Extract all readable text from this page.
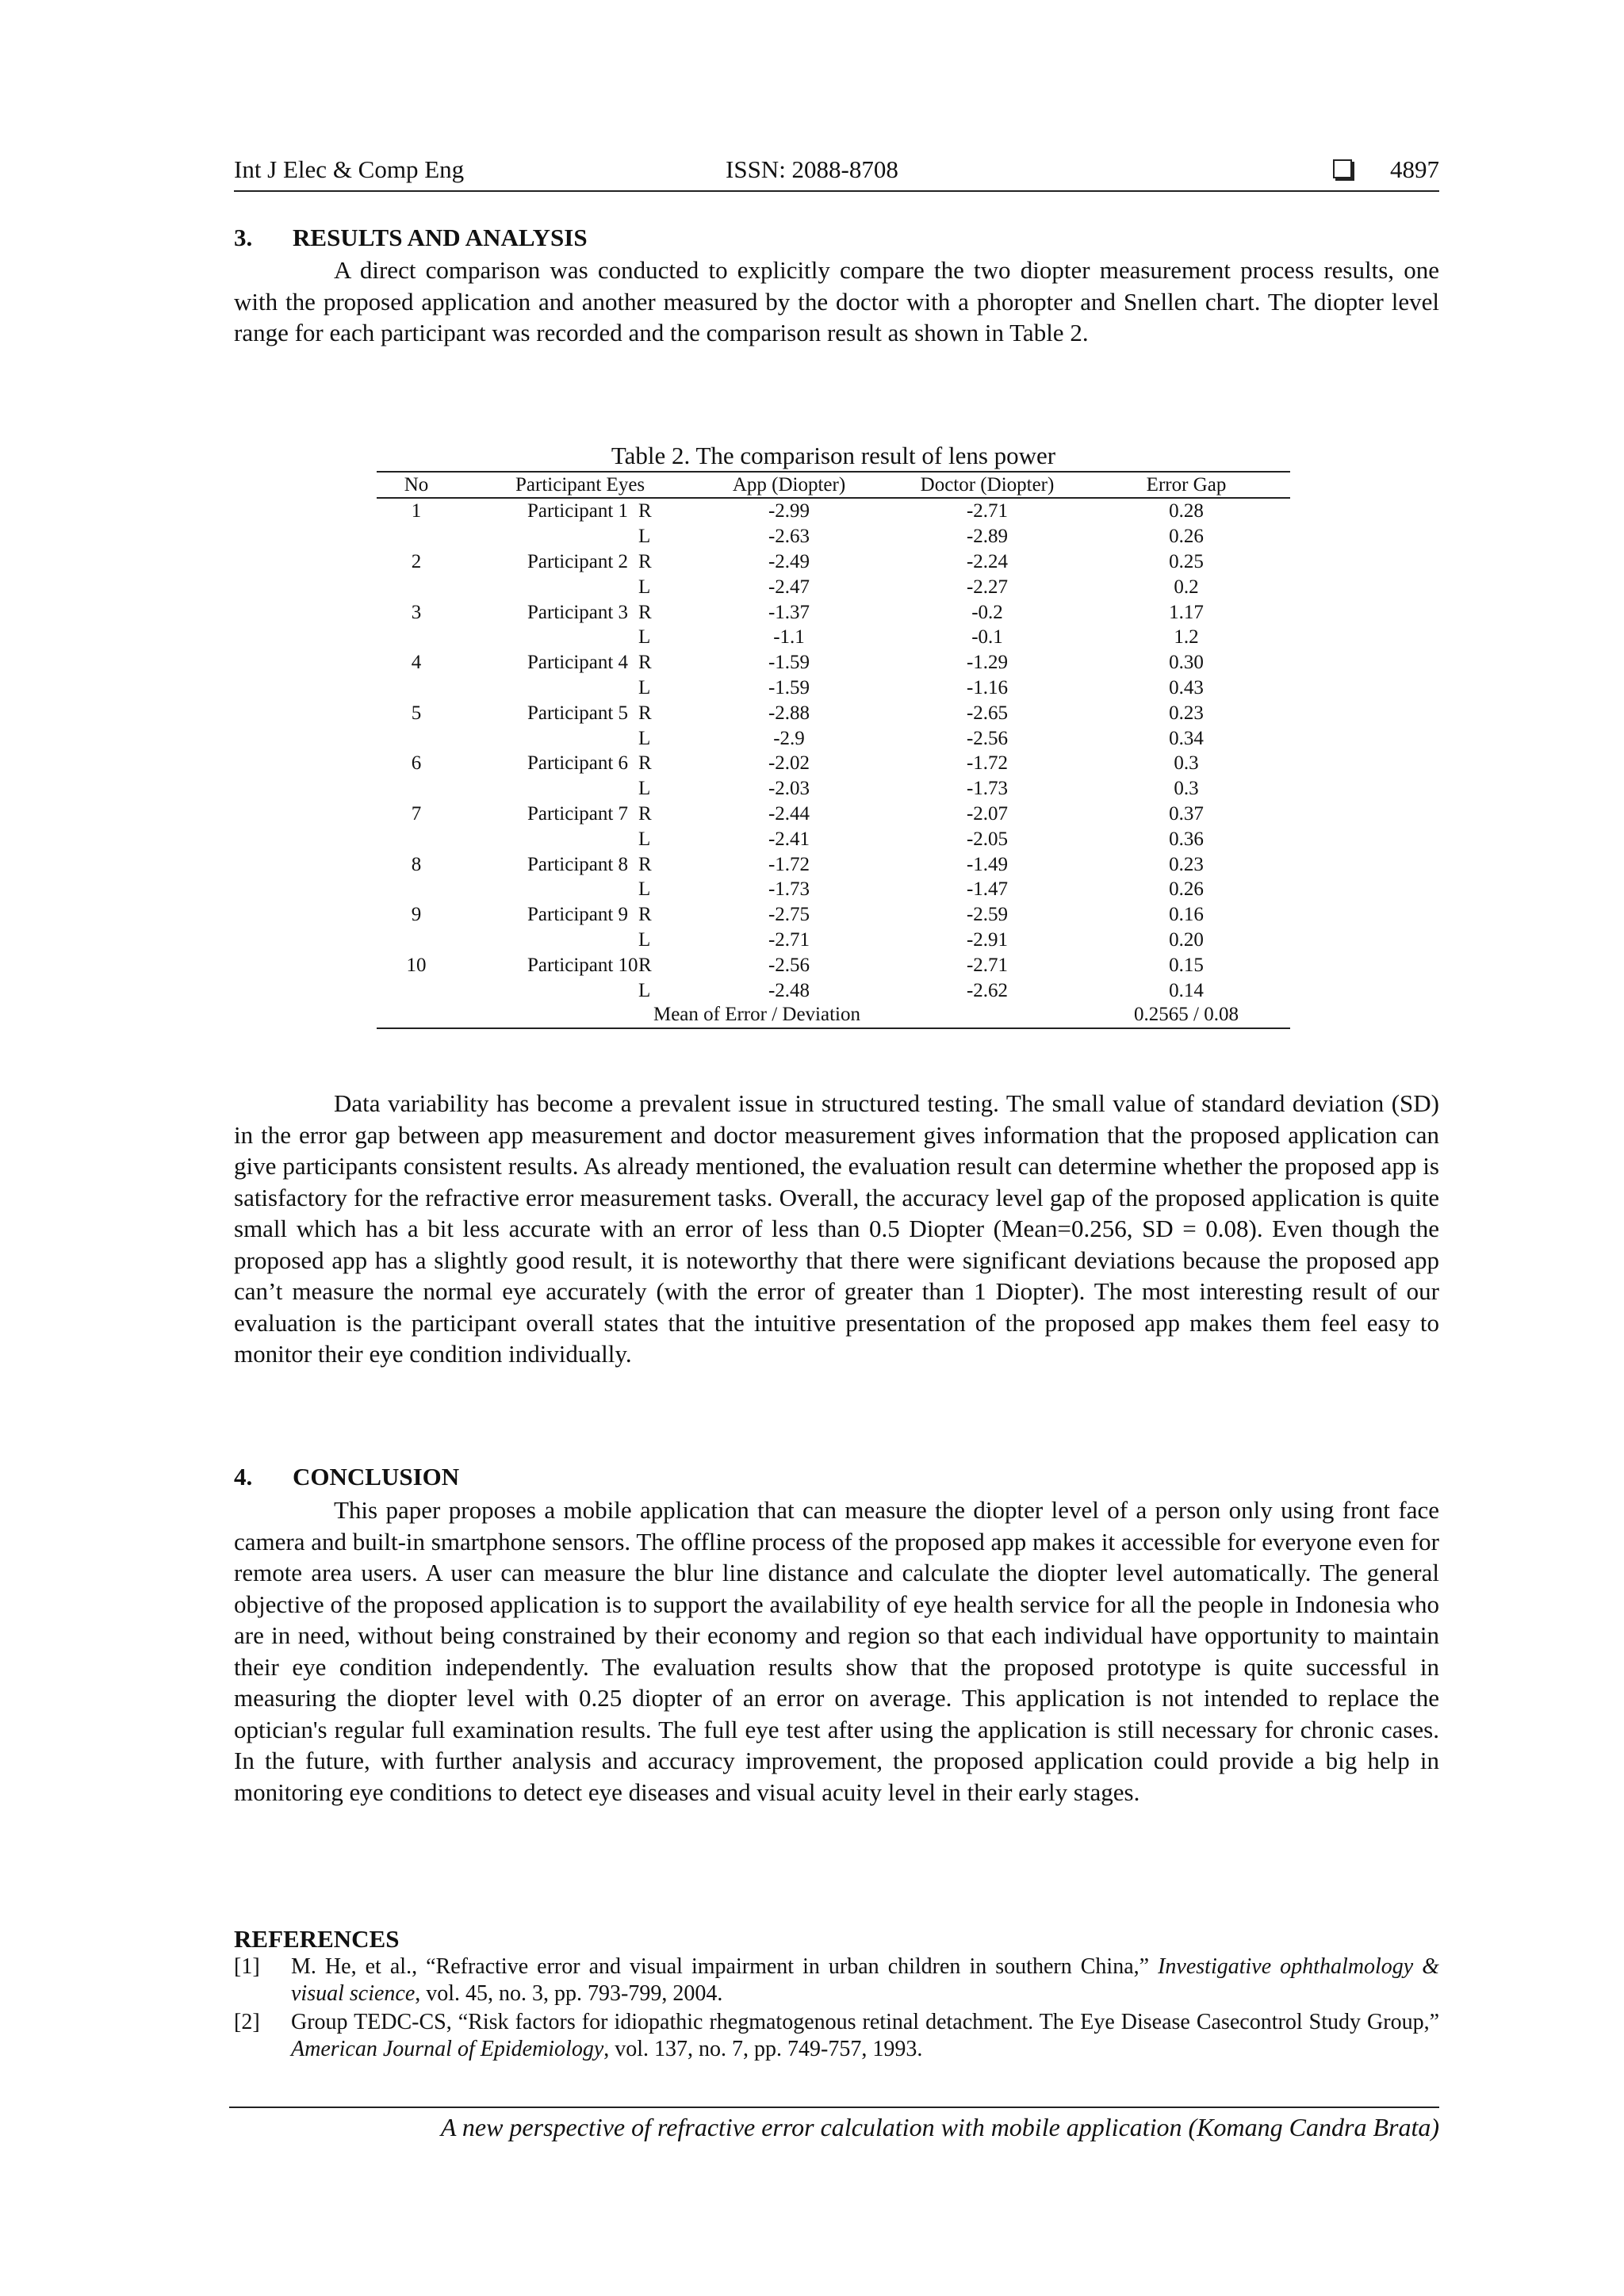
Int J Elec & Comp Eng	ISSN: 2088-8708	4897
3. RESULTS AND ANALYSIS

A direct comparison was conducted to explicitly compare the two diopter measurement process results, one with the proposed application and another measured by the doctor with a phoropter and Snellen chart. The diopter level range for each participant was recorded and the comparison result as shown in Table 2.

Table 2. The comparison result of lens power
No	Participant Eyes		App (Diopter)	Doctor (Diopter)	Error Gap
1	Participant 1	R	-2.99	-2.71	0.28
		L	-2.63	-2.89	0.26
2	Participant 2	R	-2.49	-2.24	0.25
		L	-2.47	-2.27	0.2
3	Participant 3	R	-1.37	-0.2	1.17
		L	-1.1	-0.1	1.2
4	Participant 4	R	-1.59	-1.29	0.30
		L	-1.59	-1.16	0.43
5	Participant 5	R	-2.88	-2.65	0.23
		L	-2.9	-2.56	0.34
6	Participant 6	R	-2.02	-1.72	0.3
		L	-2.03	-1.73	0.3
7	Participant 7	R	-2.44	-2.07	0.37
		L	-2.41	-2.05	0.36
8	Participant 8	R	-1.72	-1.49	0.23
		L	-1.73	-1.47	0.26
9	Participant 9	R	-2.75	-2.59	0.16
		L	-2.71	-2.91	0.20
10	Participant 10	R	-2.56	-2.71	0.15
		L	-2.48	-2.62	0.14
Mean of Error / Deviation					0.2565 / 0.08

Data variability has become a prevalent issue in structured testing. The small value of standard deviation (SD) in the error gap between app measurement and doctor measurement gives information that the proposed application can give participants consistent results. As already mentioned, the evaluation result can determine whether the proposed app is satisfactory for the refractive error measurement tasks. Overall, the accuracy level gap of the proposed application is quite small which has a bit less accurate with an error of less than 0.5 Diopter (Mean=0.256, SD = 0.08). Even though the proposed app has a slightly good result, it is noteworthy that there were significant deviations because the proposed app can’t measure the normal eye accurately (with the error of greater than 1 Diopter). The most interesting result of our evaluation is the participant overall states that the intuitive presentation of the proposed app makes them feel easy to monitor their eye condition individually.

4. CONCLUSION

This paper proposes a mobile application that can measure the diopter level of a person only using front face camera and built-in smartphone sensors. The offline process of the proposed app makes it accessible for everyone even for remote area users. A user can measure the blur line distance and calculate the diopter level automatically. The general objective of the proposed application is to support the availability of eye health service for all the people in Indonesia who are in need, without being constrained by their economy and region so that each individual have opportunity to maintain their eye condition independently. The evaluation results show that the proposed prototype is quite successful in measuring the diopter level with 0.25 diopter of an error on average. This application is not intended to replace the optician's regular full examination results. The full eye test after using the application is still necessary for chronic cases. In the future, with further analysis and accuracy improvement, the proposed application could provide a big help in monitoring eye conditions to detect eye diseases and visual acuity level in their early stages.

REFERENCES
[1] M. He, et al., “Refractive error and visual impairment in urban children in southern China,” Investigative ophthalmology & visual science, vol. 45, no. 3, pp. 793-799, 2004.
[2] Group TEDC-CS, “Risk factors for idiopathic rhegmatogenous retinal detachment. The Eye Disease Casecontrol Study Group,” American Journal of Epidemiology, vol. 137, no. 7, pp. 749-757, 1993.
A new perspective of refractive error calculation with mobile application (Komang Candra Brata)
